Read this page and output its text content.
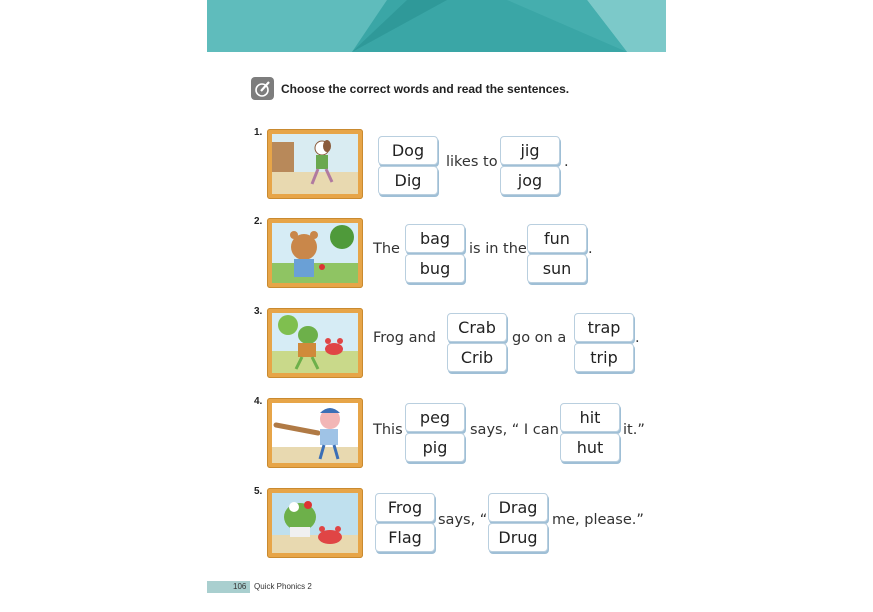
Choose the correct words and read the sentences.
1.
Dog
Dig
likes to
jig
jog
.
2.
The
bag
bug
is in the
fun
sun
.
3.
Frog and
Crab
Crib
go on a
trap
trip
.
4.
This
peg
pig
says, “ I can
hit
hut
it.”
5.
Frog
Flag
says, “
Drag
Drug
me, please.”
106 Quick Phonics 2
